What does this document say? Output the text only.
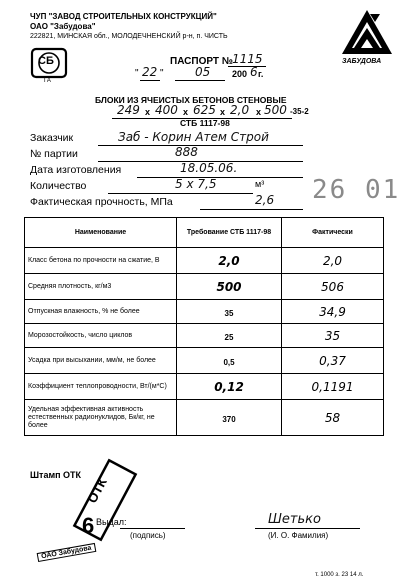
ЧУП "ЗАВОД СТРОИТЕЛЬНЫХ КОНСТРУКЦИЙ"
ОАО "Забудова"
222821, МИНСКАЯ обл., МОЛОДЕЧНЕНСКИЙ р-н, п. ЧИСТЬ
СБ
ГА
ЗАБУДОВА
ПАСПОРТ № 1115
" 22 "	05 200 6 г.
БЛОКИ ИЗ ЯЧЕИСТЫХ БЕТОНОВ СТЕНОВЫЕ
249 x 400 x 625 x 2,0 x 500 -35-2
СТБ 1117-98
Заказчик	Заб - Корин Атем Строй
№ партии	888
Дата изготовления	18.05.06.
Количество	5 x 7,5	м³
Фактическая прочность, МПа	2,6 26 01
Наименование	Требование СТБ 1117-98	Фактически
Класс бетона по прочности на сжатие, В	2,0	2,0
Средняя плотность, кг/м3	500	506
Отпускная влажность, % не более	35	34,9
Морозостойкость, число циклов	25	35
Усадка при высыхании, мм/м, не более	0,5	0,37
Коэффициент теплопроводности, Вт/(м*С)	0,12	0,1191
Удельная эффективная активность естественных радионуклидов, Бк/кг, не более	370	58
Штамп ОТК
ОТК
6 Выдал:
(подпись)
Шетько
(И. О. Фамилия)
т. 1000 з. 23 14 л.
ОАО Забудова
